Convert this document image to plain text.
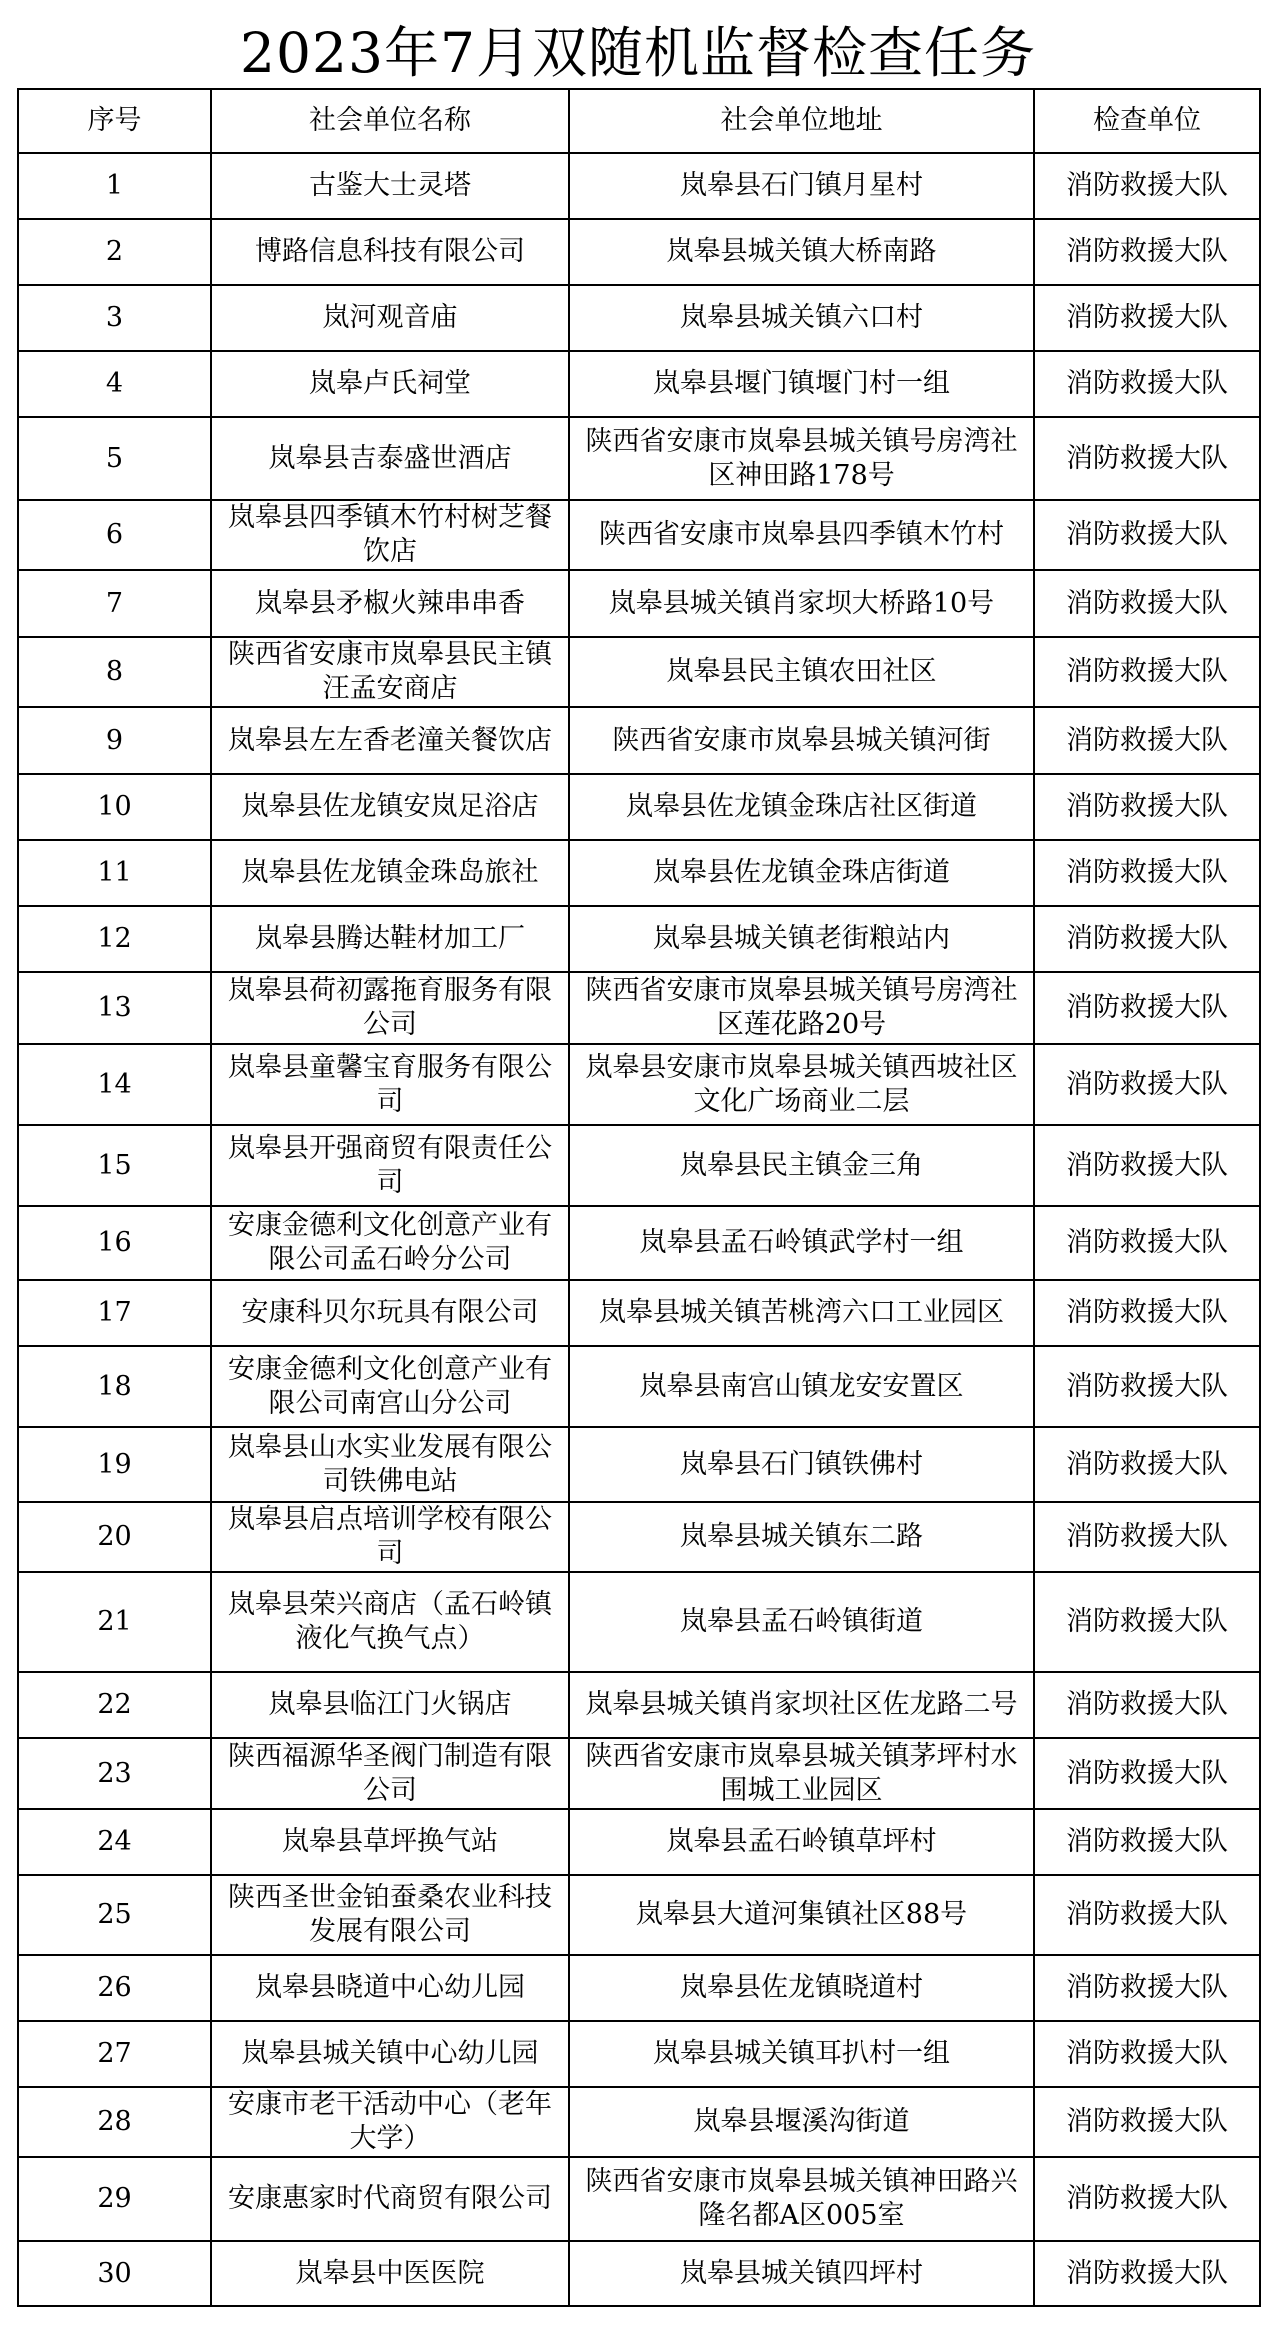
2023年7月双随机监督检查任务
序号	社会单位名称	社会单位地址	检查单位
1	古鉴大士灵塔	岚皋县石门镇月星村	消防救援大队
2	博路信息科技有限公司	岚皋县城关镇大桥南路	消防救援大队
3	岚河观音庙	岚皋县城关镇六口村	消防救援大队
4	岚皋卢氏祠堂	岚皋县堰门镇堰门村一组	消防救援大队
5	岚皋县吉泰盛世酒店	陕西省安康市岚皋县城关镇号房湾社区神田路178号	消防救援大队
6	岚皋县四季镇木竹村树芝餐饮店	陕西省安康市岚皋县四季镇木竹村	消防救援大队
7	岚皋县矛椒火辣串串香	岚皋县城关镇肖家坝大桥路10号	消防救援大队
8	陕西省安康市岚皋县民主镇汪孟安商店	岚皋县民主镇农田社区	消防救援大队
9	岚皋县左左香老潼关餐饮店	陕西省安康市岚皋县城关镇河街	消防救援大队
10	岚皋县佐龙镇安岚足浴店	岚皋县佐龙镇金珠店社区街道	消防救援大队
11	岚皋县佐龙镇金珠岛旅社	岚皋县佐龙镇金珠店街道	消防救援大队
12	岚皋县腾达鞋材加工厂	岚皋县城关镇老街粮站内	消防救援大队
13	岚皋县荷初露拖育服务有限公司	陕西省安康市岚皋县城关镇号房湾社区莲花路20号	消防救援大队
14	岚皋县童馨宝育服务有限公司	岚皋县安康市岚皋县城关镇西坡社区文化广场商业二层	消防救援大队
15	岚皋县开强商贸有限责任公司	岚皋县民主镇金三角	消防救援大队
16	安康金德利文化创意产业有限公司孟石岭分公司	岚皋县孟石岭镇武学村一组	消防救援大队
17	安康科贝尔玩具有限公司	岚皋县城关镇苦桃湾六口工业园区	消防救援大队
18	安康金德利文化创意产业有限公司南宫山分公司	岚皋县南宫山镇龙安安置区	消防救援大队
19	岚皋县山水实业发展有限公司铁佛电站	岚皋县石门镇铁佛村	消防救援大队
20	岚皋县启点培训学校有限公司	岚皋县城关镇东二路	消防救援大队
21	岚皋县荣兴商店（孟石岭镇液化气换气点）	岚皋县孟石岭镇街道	消防救援大队
22	岚皋县临江门火锅店	岚皋县城关镇肖家坝社区佐龙路二号	消防救援大队
23	陕西福源华圣阀门制造有限公司	陕西省安康市岚皋县城关镇茅坪村水围城工业园区	消防救援大队
24	岚皋县草坪换气站	岚皋县孟石岭镇草坪村	消防救援大队
25	陕西圣世金铂蚕桑农业科技发展有限公司	岚皋县大道河集镇社区88号	消防救援大队
26	岚皋县晓道中心幼儿园	岚皋县佐龙镇晓道村	消防救援大队
27	岚皋县城关镇中心幼儿园	岚皋县城关镇耳扒村一组	消防救援大队
28	安康市老干活动中心（老年大学）	岚皋县堰溪沟街道	消防救援大队
29	安康惠家时代商贸有限公司	陕西省安康市岚皋县城关镇神田路兴隆名都A区005室	消防救援大队
30	岚皋县中医医院	岚皋县城关镇四坪村	消防救援大队
